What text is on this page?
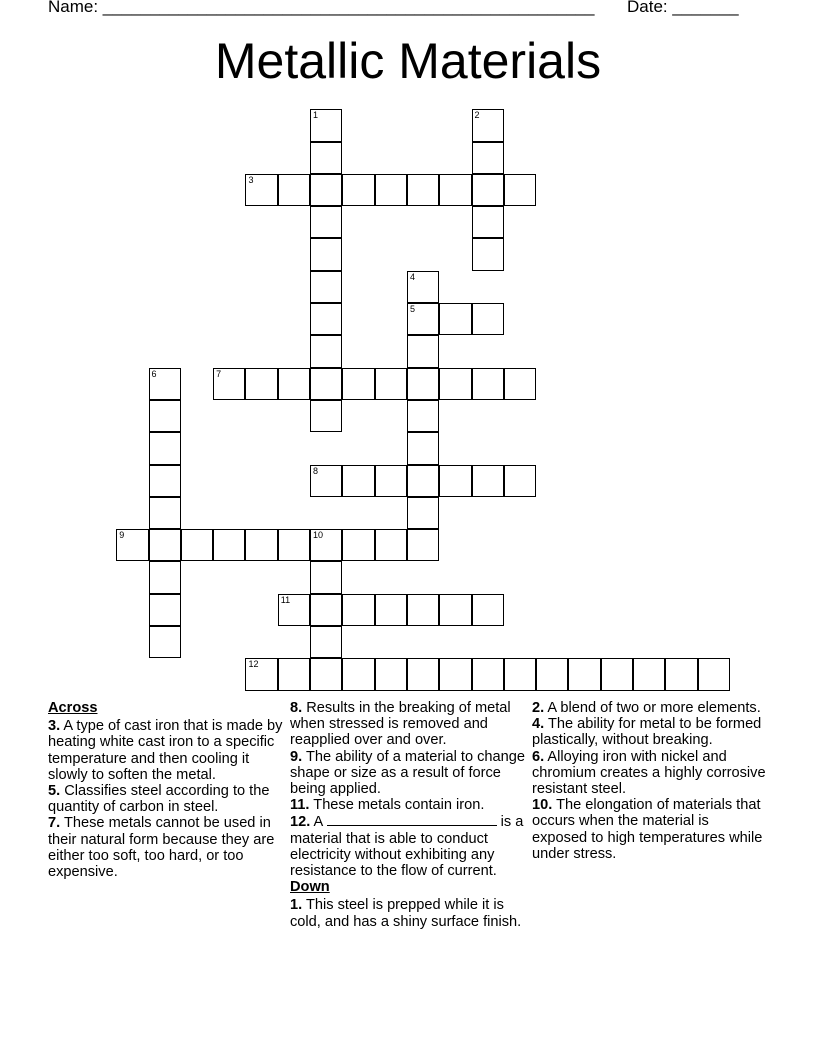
Name: ____________________________________________________ Date: _______
Metallic Materials
1	2
3
4
5
6	7
8
9	10
11
12
Across
3. A type of cast iron that is made by heating white cast iron to a specific temperature and then cooling it slowly to soften the metal.
5. Classifies steel according to the quantity of carbon in steel.
7. These metals cannot be used in their natural form because they are either too soft, too hard, or too expensive.
8. Results in the breaking of metal when stressed is removed and reapplied over and over.
9. The ability of a material to change shape or size as a result of force being applied.
11. These metals contain iron.
12. A	is a material that is able to conduct electricity without exhibiting any resistance to the flow of current.
Down
1. This steel is prepped while it is cold, and has a shiny surface finish.
2. A blend of two or more elements.
4. The ability for metal to be formed plastically, without breaking.
6. Alloying iron with nickel and chromium creates a highly corrosive resistant steel.
10. The elongation of materials that occurs when the material is exposed to high temperatures while under stress.
